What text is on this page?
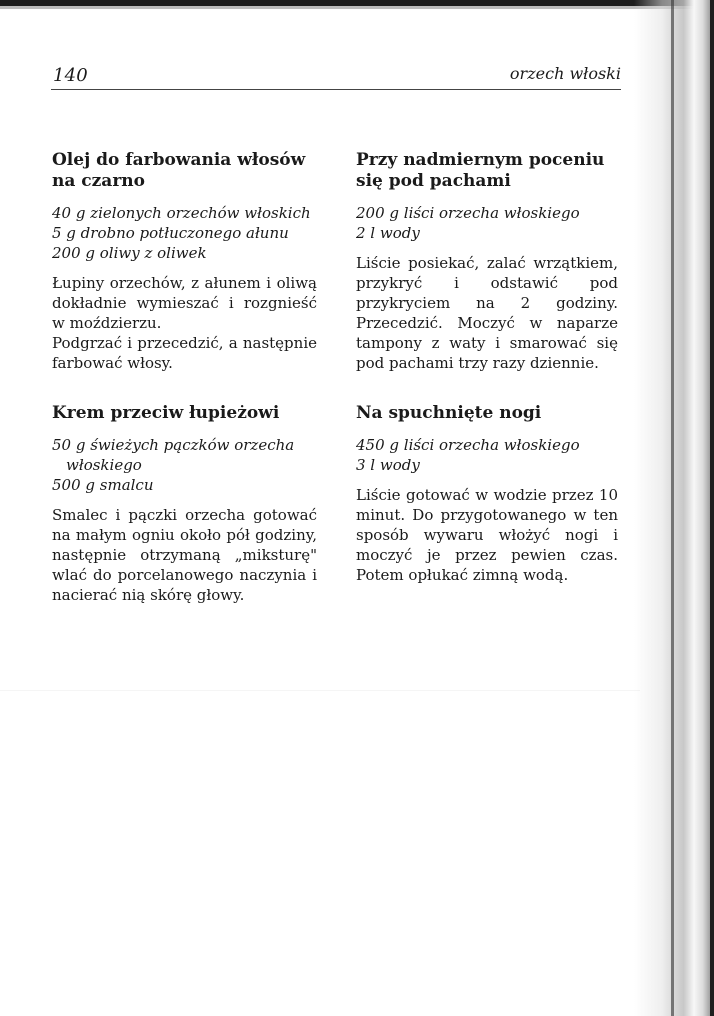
140	orzech włoski
Olej do farbowania włosów na czarno
40 g zielonych orzechów włoskich
5 g drobno potłuczonego ałunu
200 g oliwy z oliwek

Łupiny orzechów, z ałunem i oliwą dokładnie wymieszać i rozgnieść w moździerzu.

Podgrzać i przecedzić, a następnie farbować włosy.

Krem przeciw łupieżowi
50 g świeżych pączków orzecha włoskiego
500 g smalcu

Smalec i pączki orzecha gotować na małym ogniu około pół godziny, następnie otrzymaną „miksturę" wlać do porcelanowego naczynia i nacierać nią skórę głowy.

Przy nadmiernym poceniu się pod pachami
200 g liści orzecha włoskiego
2 l wody

Liście posiekać, zalać wrzątkiem, przykryć i odstawić pod przykryciem na 2 godziny. Przecedzić. Moczyć w naparze tampony z waty i smarować się pod pachami trzy razy dziennie.

Na spuchnięte nogi
450 g liści orzecha włoskiego
3 l wody

Liście gotować w wodzie przez 10 minut. Do przygotowanego w ten sposób wywaru włożyć nogi i moczyć je przez pewien czas. Potem opłukać zimną wodą.
